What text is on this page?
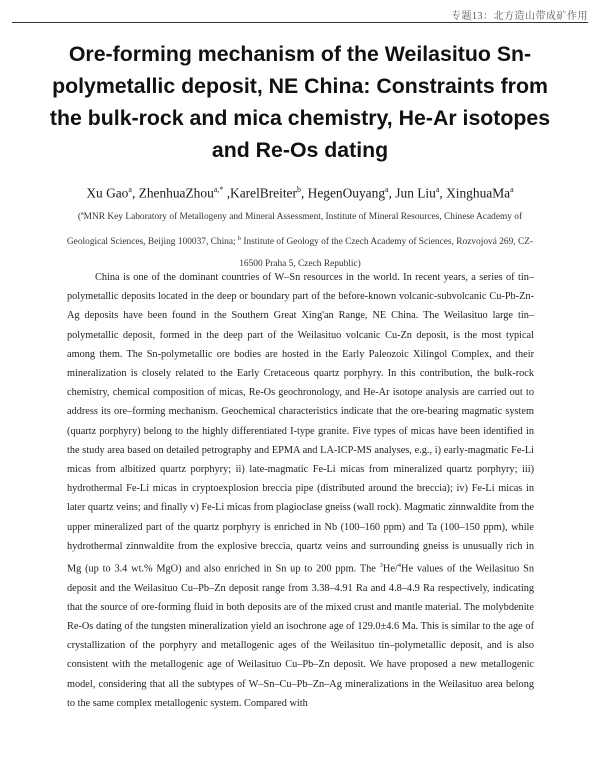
专题13：北方造山带成矿作用
Ore-forming mechanism of the Weilasituo Sn-polymetallic deposit, NE China: Constraints from the bulk-rock and mica chemistry, He-Ar isotopes and Re-Os dating
Xu Gao$^a$, ZhenhuaZhou$^{a,*}$ ,KarelBreiter$^b$, HegenOuyang$^a$, Jun Liu$^a$, XinghuaMa$^a$
($^a$MNR Key Laboratory of Metallogeny and Mineral Assessment, Institute of Mineral Resources, Chinese Academy of Geological Sciences, Beijing 100037, China; $^b$ Institute of Geology of the Czech Academy of Sciences, Rozvojová 269, CZ-16500 Praha 5, Czech Republic)

China is one of the dominant countries of W–Sn resources in the world. In recent years, a series of tin–polymetallic deposits located in the deep or boundary part of the before-known volcanic-subvolcanic Cu-Pb-Zn-Ag deposits have been found in the Southern Great Xing'an Range, NE China. The Weilasituo large tin–polymetallic deposit, formed in the deep part of the Weilasituo volcanic Cu-Zn deposit, is the most typical among them. The Sn-polymetallic ore bodies are hosted in the Early Paleozoic Xilingol Complex, and their mineralization is closely related to the Early Cretaceous quartz porphyry. In this contribution, the bulk-rock chemistry, chemical composition of micas, Re-Os geochronology, and He-Ar isotope analysis are carried out to address its ore–forming mechanism. Geochemical characteristics indicate that the ore-bearing magmatic system (quartz porphyry) belong to the highly differentiated I-type granite. Five types of micas have been identified in the study area based on detailed petrography and EPMA and LA-ICP-MS analyses, e.g., i) early-magmatic Fe-Li micas from albitized quartz porphyry; ii) late-magmatic Fe-Li micas from mineralized quartz porphyry; iii) hydrothermal Fe-Li micas in cryptoexplosion breccia pipe (distributed around the breccia); iv) Fe-Li micas in later quartz veins; and finally v) Fe-Li micas from plagioclase gneiss (wall rock). Magmatic zinnwaldite from the upper mineralized part of the quartz porphyry is enriched in Nb (100–160 ppm) and Ta (100–150 ppm), while hydrothermal zinnwaldite from the explosive breccia, quartz veins and surrounding gneiss is unusually rich in Mg (up to 3.4 wt.% MgO) and also enriched in Sn up to 200 ppm. The $^3$He/$^4$He values of the Weilasituo Sn deposit and the Weilasituo Cu–Pb–Zn deposit range from 3.38–4.91 Ra and 4.8–4.9 Ra respectively, indicating that the source of ore-forming fluid in both deposits are of the mixed crust and mantle material. The molybdenite Re-Os dating of the tungsten mineralization yield an isochrone age of 129.0±4.6 Ma. This is similar to the age of crystallization of the porphyry and metallogenic ages of the Weilasituo tin–polymetallic deposit, and is also consistent with the metallogenic age of Weilasituo Cu–Pb–Zn deposit. We have proposed a new metallogenic model, considering that all the subtypes of W–Sn–Cu–Pb–Zn–Ag mineralizations in the Weilasituo area belong to the same complex metallogenic system. Compared with
